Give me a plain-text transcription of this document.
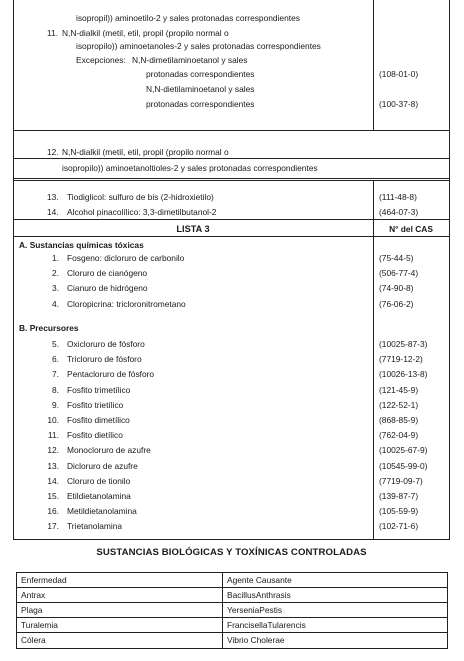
isopropil)) aminoetilo-2 y sales protonadas correspondientes
11. N,N-dialkil (metil, etil, propil (propilo normal o
isopropilo)) aminoetanoles-2 y sales protonadas correspondientes
Excepciones: N,N-dimetilaminoetanol y sales
protonadas correspondientes	(108-01-0)
N,N-dietilaminoetanol y sales
protonadas correspondientes	(100-37-8)
12. N,N-dialkil (metil, etil, propil (propilo normal o
isopropilo)) aminoetanoltioles-2 y sales protonadas correspondientes
13. Tiodiglicol: sulfuro de bis (2-hidroxietilo)	(111-48-8)
14. Alcohol pinacolílico: 3,3-dimetilbutanol-2	(464-07-3)
LISTA 3	N° del CAS
A. Sustancias químicas tóxicas
B. Precursores
SUSTANCIAS BIOLÓGICAS Y TOXÍNICAS CONTROLADAS
Enfermedad	Agente Causante
Antrax	BacillusAnthrasis
Plaga	YerseniaPestis
Turalemia	FrancisellaTularencis
Cólera	Vibrio Cholerae
1. Fosgeno: dicloruro de carbonilo	(75-44-5)
2. Cloruro de cianógeno	(506-77-4)
3. Cianuro de hidrógeno	(74-90-8)
4. Cloropicrina: tricloronitrometano	(76-06-2)
5. Oxicloruro de fósforo	(10025-87-3)
6. Tricloruro de fósforo	(7719-12-2)
7. Pentacloruro de fósforo	(10026-13-8)
8. Fosfito trimetílico	(121-45-9)
9. Fosfito trietílico	(122-52-1)
10. Fosfito dimetílico	(868-85-9)
11. Fosfito dietílico	(762-04-9)
12. Monocloruro de azufre	(10025-67-9)
13. Dicloruro de azufre	(10545-99-0)
14. Cloruro de tionilo	(7719-09-7)
15. Etildietanolamina	(139-87-7)
16. Metildietanolamina	(105-59-9)
17. Trietanolamina	(102-71-6)
